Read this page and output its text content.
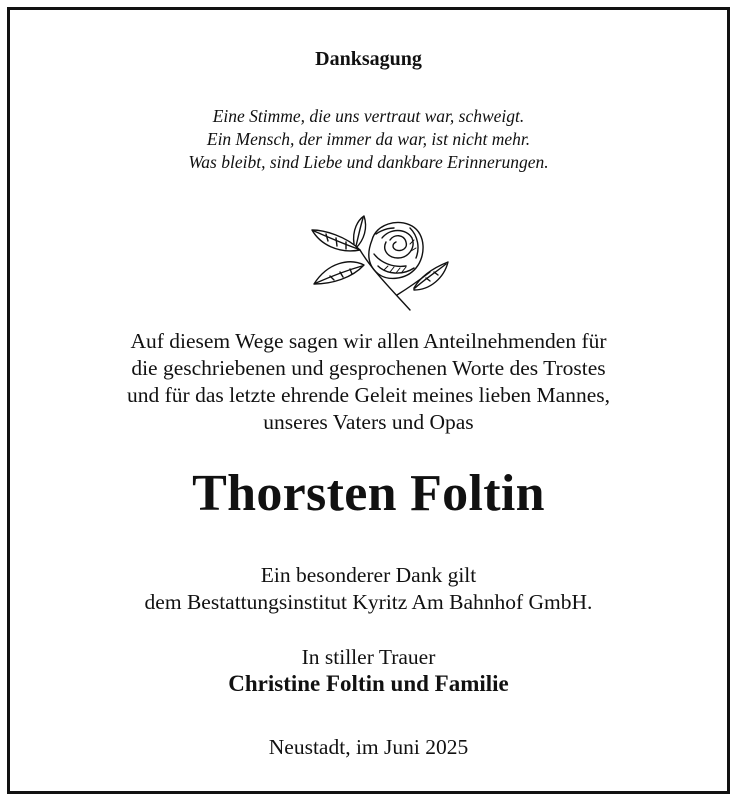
Danksagung
Eine Stimme, die uns vertraut war, schweigt.
Ein Mensch, der immer da war, ist nicht mehr.
Was bleibt, sind Liebe und dankbare Erinnerungen.
Auf diesem Wege sagen wir allen Anteilnehmenden für
die geschriebenen und gesprochenen Worte des Trostes
und für das letzte ehrende Geleit meines lieben Mannes,
unseres Vaters und Opas
Thorsten Foltin
Ein besonderer Dank gilt
dem Bestattungsinstitut Kyritz Am Bahnhof GmbH.
In stiller Trauer
Christine Foltin und Familie
Neustadt, im Juni 2025
